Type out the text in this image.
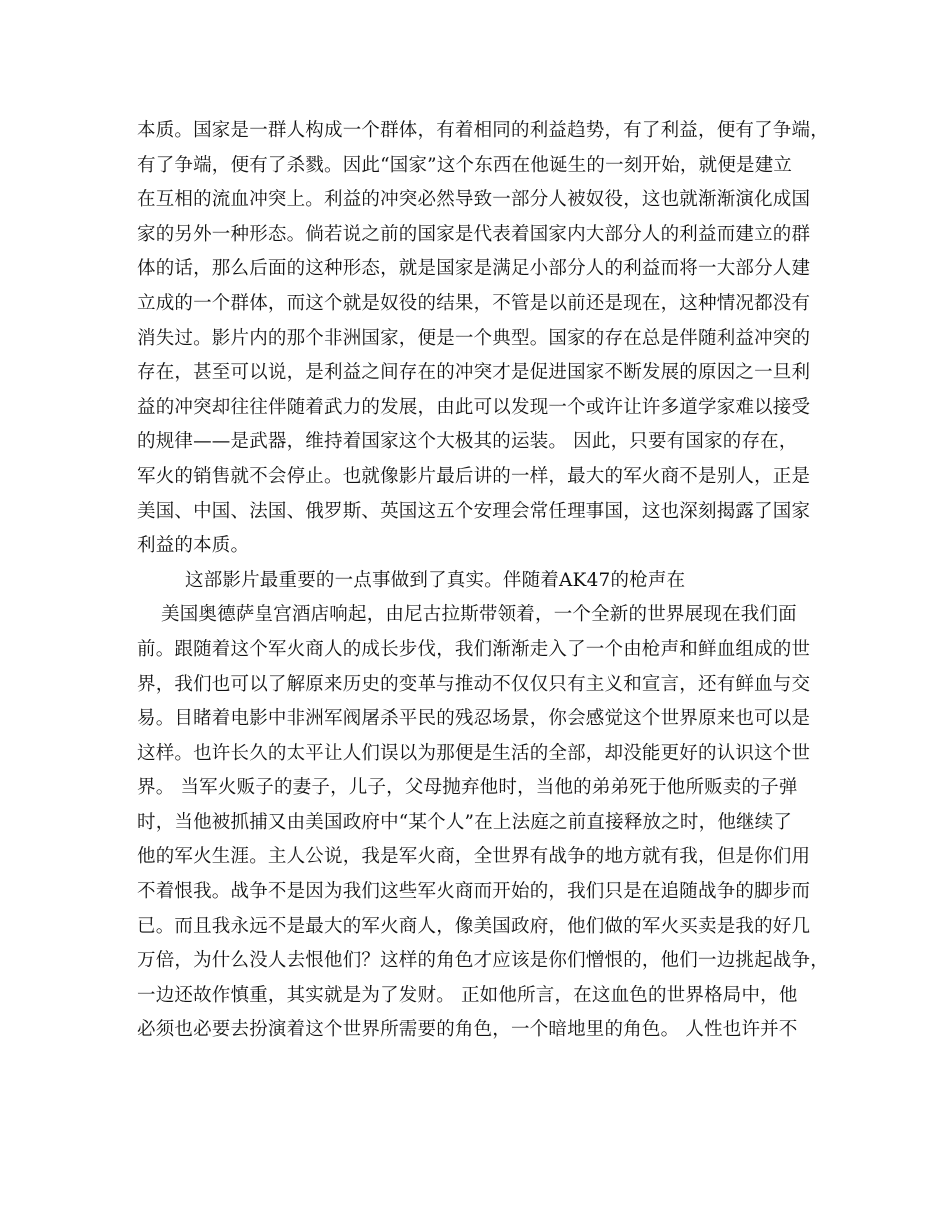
本质。国家是一群人构成一个群体，有着相同的利益趋势，有了利益，便有了争端，
有了争端，便有了杀戮。因此“国家”这个东西在他诞生的一刻开始，就便是建立
在互相的流血冲突上。利益的冲突必然导致一部分人被奴役，这也就渐渐演化成国
家的另外一种形态。倘若说之前的国家是代表着国家内大部分人的利益而建立的群
体的话，那么后面的这种形态，就是国家是满足小部分人的利益而将一大部分人建
立成的一个群体，而这个就是奴役的结果，不管是以前还是现在，这种情况都没有
消失过。影片内的那个非洲国家，便是一个典型。国家的存在总是伴随利益冲突的
存在，甚至可以说，是利益之间存在的冲突才是促进国家不断发展的原因之一旦利
益的冲突却往往伴随着武力的发展，由此可以发现一个或许让许多道学家难以接受
的规律——是武器，维持着国家这个大极其的运装。 因此，只要有国家的存在，
军火的销售就不会停止。也就像影片最后讲的一样，最大的军火商不是别人，正是
美国、中国、法国、俄罗斯、英国这五个安理会常任理事国，这也深刻揭露了国家
利益的本质。
这部影片最重要的一点事做到了真实。伴随着AK47的枪声在
美国奥德萨皇宫酒店响起，由尼古拉斯带领着，一个全新的世界展现在我们面
前。跟随着这个军火商人的成长步伐，我们渐渐走入了一个由枪声和鲜血组成的世
界，我们也可以了解原来历史的变革与推动不仅仅只有主义和宣言，还有鲜血与交
易。目睹着电影中非洲军阀屠杀平民的残忍场景，你会感觉这个世界原来也可以是
这样。也许长久的太平让人们误以为那便是生活的全部，却没能更好的认识这个世
界。 当军火贩子的妻子，儿子，父母抛弃他时，当他的弟弟死于他所贩卖的子弹
时，当他被抓捕又由美国政府中“某个人”在上法庭之前直接释放之时，他继续了
他的军火生涯。主人公说，我是军火商，全世界有战争的地方就有我，但是你们用
不着恨我。战争不是因为我们这些军火商而开始的，我们只是在追随战争的脚步而
已。而且我永远不是最大的军火商人，像美国政府，他们做的军火买卖是我的好几
万倍，为什么没人去恨他们？这样的角色才应该是你们憎恨的，他们一边挑起战争，
一边还故作慎重，其实就是为了发财。 正如他所言，在这血色的世界格局中，他
必须也必要去扮演着这个世界所需要的角色，一个暗地里的角色。 人性也许并不
